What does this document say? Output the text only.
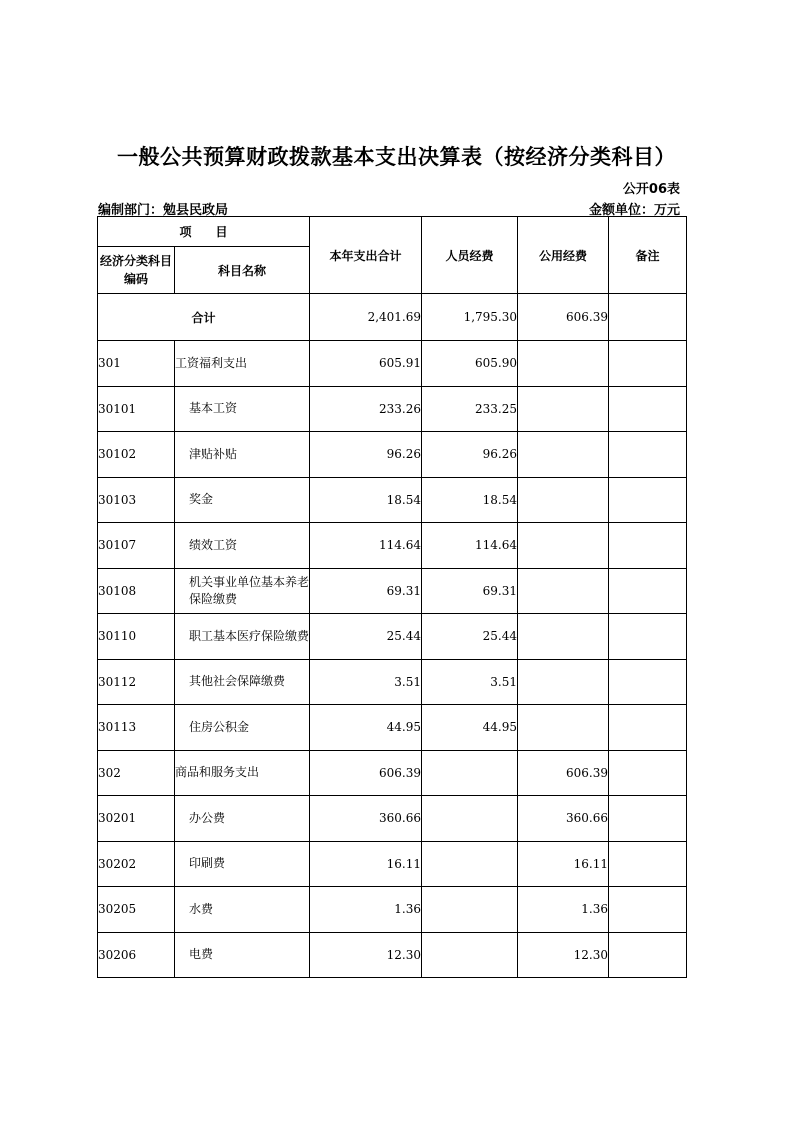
一般公共预算财政拨款基本支出决算表（按经济分类科目）
公开06表
编制部门：勉县民政局	金额单位：万元
项　　目		本年支出合计	人员经费	公用经费	备注
经济分类科目编码	科目名称				
合计		2,401.69	1,795.30	606.39	
301	工资福利支出	605.91	605.90		
30101	基本工资	233.26	233.25		
30102	津贴补贴	96.26	96.26		
30103	奖金	18.54	18.54		
30107	绩效工资	114.64	114.64		
30108	机关事业单位基本养老保险缴费	69.31	69.31		
30110	职工基本医疗保险缴费	25.44	25.44		
30112	其他社会保障缴费	3.51	3.51		
30113	住房公积金	44.95	44.95		
302	商品和服务支出	606.39		606.39	
30201	办公费	360.66		360.66	
30202	印刷费	16.11		16.11	
30205	水费	1.36		1.36	
30206	电费	12.30		12.30	
